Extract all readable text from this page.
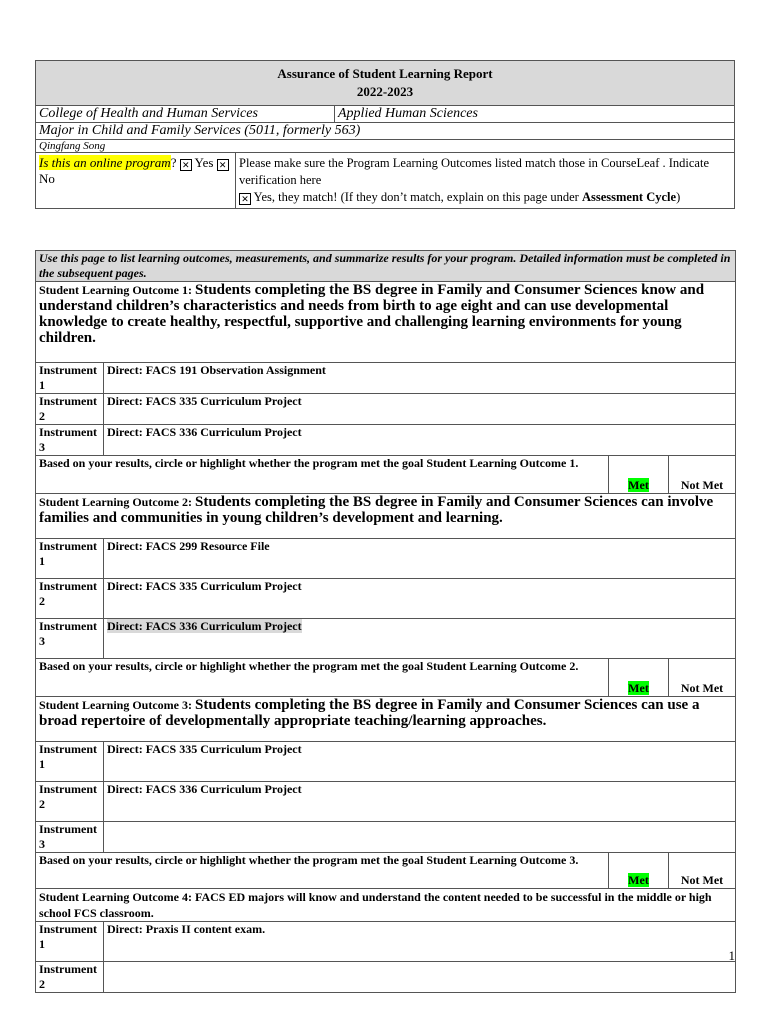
Assurance of Student Learning Report
2022-2023

College of Health and Human Services	Applied Human Sciences
Major in Child and Family Services (5011, formerly 563)
Qingfang Song

Is this an online program? ✕ Yes ✕ No
Please make sure the Program Learning Outcomes listed match those in CourseLeaf . Indicate verification here
✕ Yes, they match! (If they don’t match, explain on this page under Assessment Cycle)
Use this page to list learning outcomes, measurements, and summarize results for your program. Detailed information must be completed in the subsequent pages.			
Student Learning Outcome 1: Students completing the BS degree in Family and Consumer Sciences know and understand children’s characteristics and needs from birth to age eight and can use developmental knowledge to create healthy, respectful, supportive and challenging learning environments for young children.			
Instrument 1	Direct: FACS 191 Observation Assignment		
Instrument 2	Direct: FACS 335 Curriculum Project		
Instrument 3	Direct: FACS 336 Curriculum Project		
Based on your results, circle or highlight whether the program met the goal Student Learning Outcome 1.		Met	Not Met
Student Learning Outcome 2: Students completing the BS degree in Family and Consumer Sciences can involve families and communities in young children’s development and learning.			
Instrument 1	Direct: FACS 299 Resource File		
Instrument 2	Direct: FACS 335 Curriculum Project		
Instrument 3	Direct: FACS 336 Curriculum Project		
Based on your results, circle or highlight whether the program met the goal Student Learning Outcome 2.		Met	Not Met
Student Learning Outcome 3: Students completing the BS degree in Family and Consumer Sciences can use a broad repertoire of developmentally appropriate teaching/learning approaches.			
Instrument 1	Direct: FACS 335 Curriculum Project		
Instrument 2	Direct: FACS 336 Curriculum Project		
Instrument 3			
Based on your results, circle or highlight whether the program met the goal Student Learning Outcome 3.		Met	Not Met
Student Learning Outcome 4: FACS ED majors will know and understand the content needed to be successful in the middle or high school FCS classroom.			
Instrument 1	Direct: Praxis II content exam.		
Instrument 2			
1
